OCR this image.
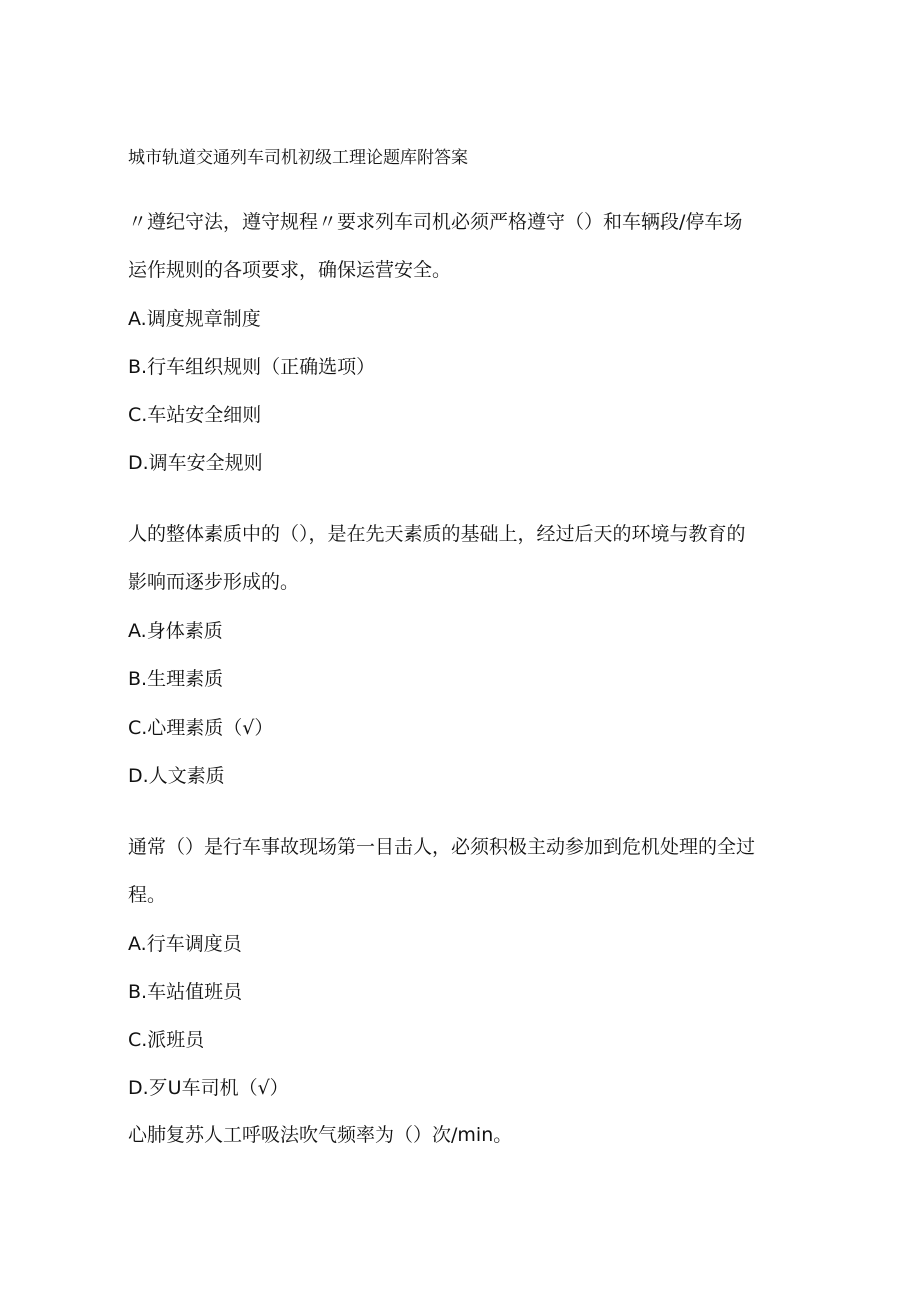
城市轨道交通列车司机初级工理论题库附答案
〃遵纪守法，遵守规程〃要求列车司机必须严格遵守（）和车辆段/停车场
运作规则的各项要求，确保运营安全。
A.调度规章制度
B.行车组织规则（正确选项）
C.车站安全细则
D.调车安全规则
人的整体素质中的（），是在先天素质的基础上，经过后天的环境与教育的
影响而逐步形成的。
A.身体素质
B.生理素质
C.心理素质（√）
D.人文素质
通常（）是行车事故现场第一目击人，必须积极主动参加到危机处理的全过
程。
A.行车调度员
B.车站值班员
C.派班员
D.歹U车司机（√）
心肺复苏人工呼吸法吹气频率为（）次/min。
